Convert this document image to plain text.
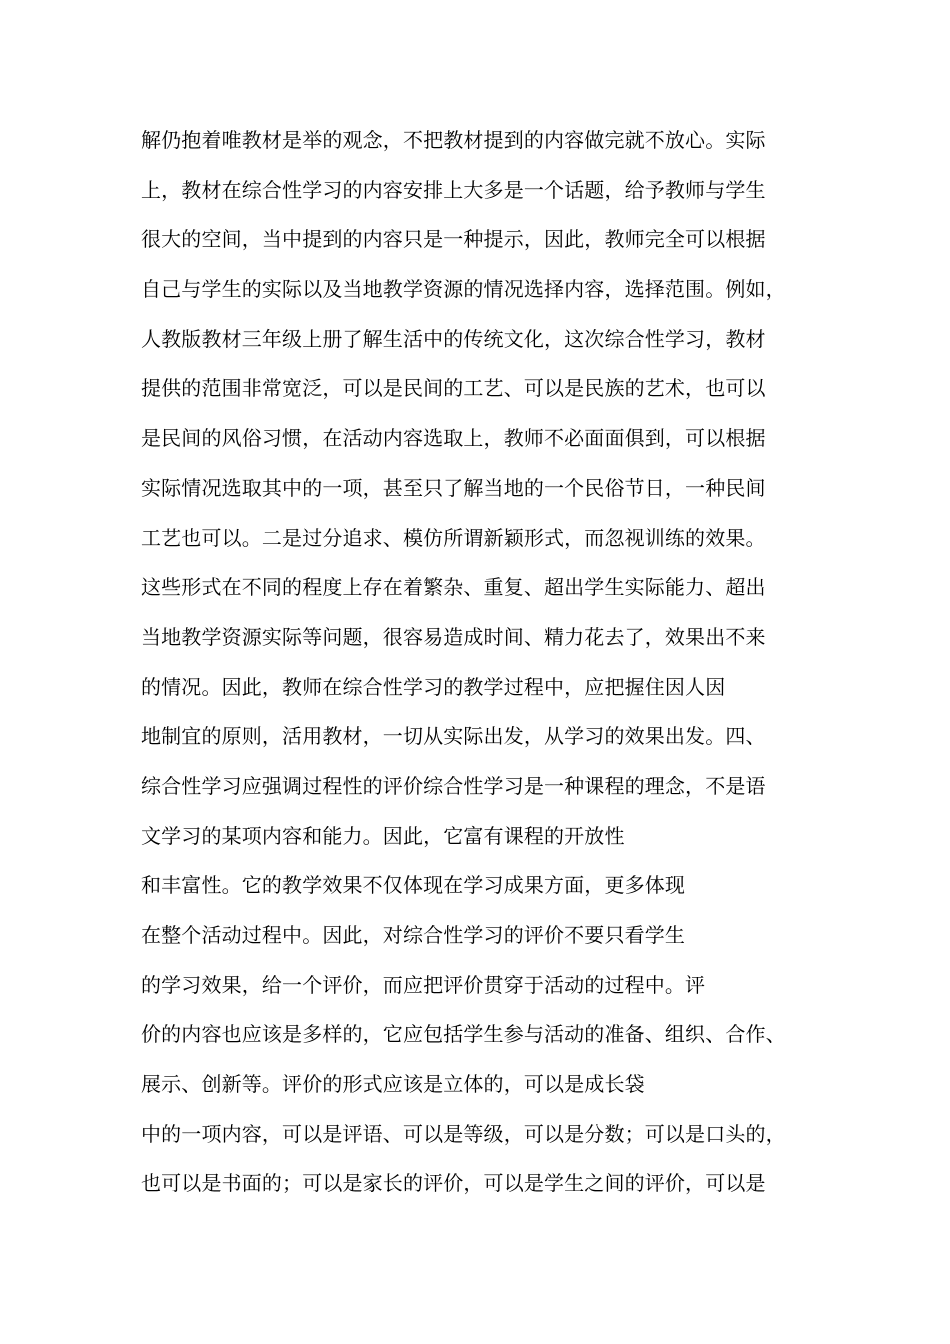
解仍抱着唯教材是举的观念，不把教材提到的内容做完就不放心。实际
上，教材在综合性学习的内容安排上大多是一个话题，给予教师与学生
很大的空间，当中提到的内容只是一种提示，因此，教师完全可以根据
自己与学生的实际以及当地教学资源的情况选择内容，选择范围。例如，
人教版教材三年级上册了解生活中的传统文化，这次综合性学习，教材
提供的范围非常宽泛，可以是民间的工艺、可以是民族的艺术，也可以
是民间的风俗习惯，在活动内容选取上，教师不必面面俱到，可以根据
实际情况选取其中的一项，甚至只了解当地的一个民俗节日，一种民间
工艺也可以。二是过分追求、模仿所谓新颖形式，而忽视训练的效果。
这些形式在不同的程度上存在着繁杂、重复、超出学生实际能力、超出
当地教学资源实际等问题，很容易造成时间、精力花去了，效果出不来
的情况。因此，教师在综合性学习的教学过程中，应把握住因人因
地制宜的原则，活用教材，一切从实际出发，从学习的效果出发。四、
综合性学习应强调过程性的评价综合性学习是一种课程的理念，不是语
文学习的某项内容和能力。因此，它富有课程的开放性
和丰富性。它的教学效果不仅体现在学习成果方面，更多体现
在整个活动过程中。因此，对综合性学习的评价不要只看学生
的学习效果，给一个评价，而应把评价贯穿于活动的过程中。评
价的内容也应该是多样的，它应包括学生参与活动的准备、组织、合作、
展示、创新等。评价的形式应该是立体的，可以是成长袋
中的一项内容，可以是评语、可以是等级，可以是分数；可以是口头的，
也可以是书面的；可以是家长的评价，可以是学生之间的评价，可以是
